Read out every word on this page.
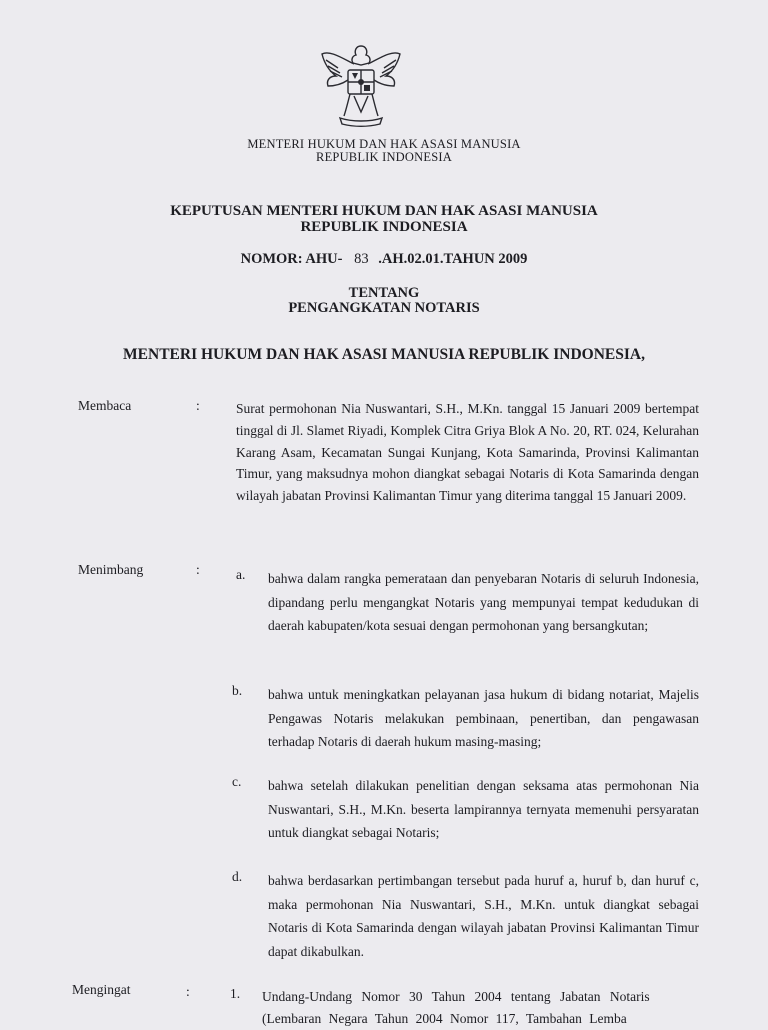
MENTERI HUKUM DAN HAK ASASI MANUSIA
REPUBLIK INDONESIA
KEPUTUSAN MENTERI HUKUM DAN HAK ASASI MANUSIA
REPUBLIK INDONESIA
NOMOR: AHU- 83 .AH.02.01.TAHUN 2009
TENTANG
PENGANGKATAN NOTARIS
MENTERI HUKUM DAN HAK ASASI MANUSIA REPUBLIK INDONESIA,
Membaca	:	Surat permohonan Nia Nuswantari, S.H., M.Kn. tanggal 15 Januari 2009 bertempat tinggal di Jl. Slamet Riyadi, Komplek Citra Griya Blok A No. 20, RT. 024, Kelurahan Karang Asam, Kecamatan Sungai Kunjang, Kota Samarinda, Provinsi Kalimantan Timur, yang maksudnya mohon diangkat sebagai Notaris di Kota Samarinda dengan wilayah jabatan Provinsi Kalimantan Timur yang diterima tanggal 15 Januari 2009.
Menimbang	:	a. bahwa dalam rangka pemerataan dan penyebaran Notaris di seluruh Indonesia, dipandang perlu mengangkat Notaris yang mempunyai tempat kedudukan di daerah kabupaten/kota sesuai dengan permohonan yang bersangkutan;
b. bahwa untuk meningkatkan pelayanan jasa hukum di bidang notariat, Majelis Pengawas Notaris melakukan pembinaan, penertiban, dan pengawasan terhadap Notaris di daerah hukum masing-masing;
c. bahwa setelah dilakukan penelitian dengan seksama atas permohonan Nia Nuswantari, S.H., M.Kn. beserta lampirannya ternyata memenuhi persyaratan untuk diangkat sebagai Notaris;
d. bahwa berdasarkan pertimbangan tersebut pada huruf a, huruf b, dan huruf c, maka permohonan Nia Nuswantari, S.H., M.Kn. untuk diangkat sebagai Notaris di Kota Samarinda dengan wilayah jabatan Provinsi Kalimantan Timur dapat dikabulkan.
Mengingat	:	1. Undang-Undang Nomor 30 Tahun 2004 tentang Jabatan Notaris
(Lembaran Negara Tahun 2004 Nomor 117, Tambahan Lemba
